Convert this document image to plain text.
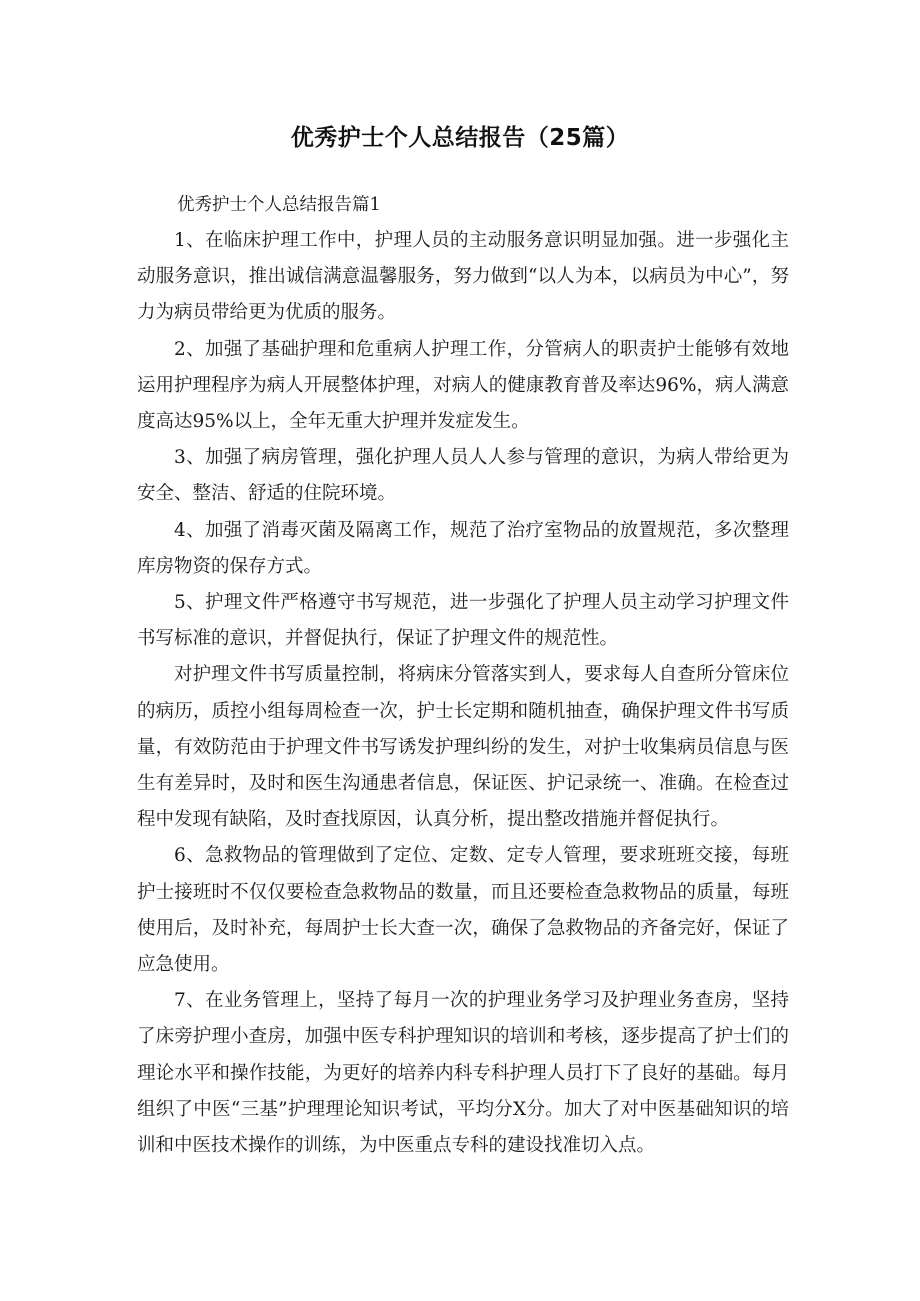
优秀护士个人总结报告（25篇）

优秀护士个人总结报告篇1

1、在临床护理工作中，护理人员的主动服务意识明显加强。进一步强化主动服务意识，推出诚信满意温馨服务，努力做到“以人为本，以病员为中心”，努力为病员带给更为优质的服务。

2、加强了基础护理和危重病人护理工作，分管病人的职责护士能够有效地运用护理程序为病人开展整体护理，对病人的健康教育普及率达96%，病人满意度高达95%以上，全年无重大护理并发症发生。

3、加强了病房管理，强化护理人员人人参与管理的意识，为病人带给更为安全、整洁、舒适的住院环境。

4、加强了消毒灭菌及隔离工作，规范了治疗室物品的放置规范，多次整理库房物资的保存方式。

5、护理文件严格遵守书写规范，进一步强化了护理人员主动学习护理文件书写标准的意识，并督促执行，保证了护理文件的规范性。

对护理文件书写质量控制，将病床分管落实到人，要求每人自查所分管床位的病历，质控小组每周检查一次，护士长定期和随机抽查，确保护理文件书写质量，有效防范由于护理文件书写诱发护理纠纷的发生，对护士收集病员信息与医生有差异时，及时和医生沟通患者信息，保证医、护记录统一、准确。在检查过程中发现有缺陷，及时查找原因，认真分析，提出整改措施并督促执行。

6、急救物品的管理做到了定位、定数、定专人管理，要求班班交接，每班护士接班时不仅仅要检查急救物品的数量，而且还要检查急救物品的质量，每班使用后，及时补充，每周护士长大查一次，确保了急救物品的齐备完好，保证了应急使用。

7、在业务管理上，坚持了每月一次的护理业务学习及护理业务查房，坚持了床旁护理小查房，加强中医专科护理知识的培训和考核，逐步提高了护士们的理论水平和操作技能，为更好的培养内科专科护理人员打下了良好的基础。每月组织了中医“三基”护理理论知识考试，平均分X分。加大了对中医基础知识的培训和中医技术操作的训练，为中医重点专科的建设找准切入点。
